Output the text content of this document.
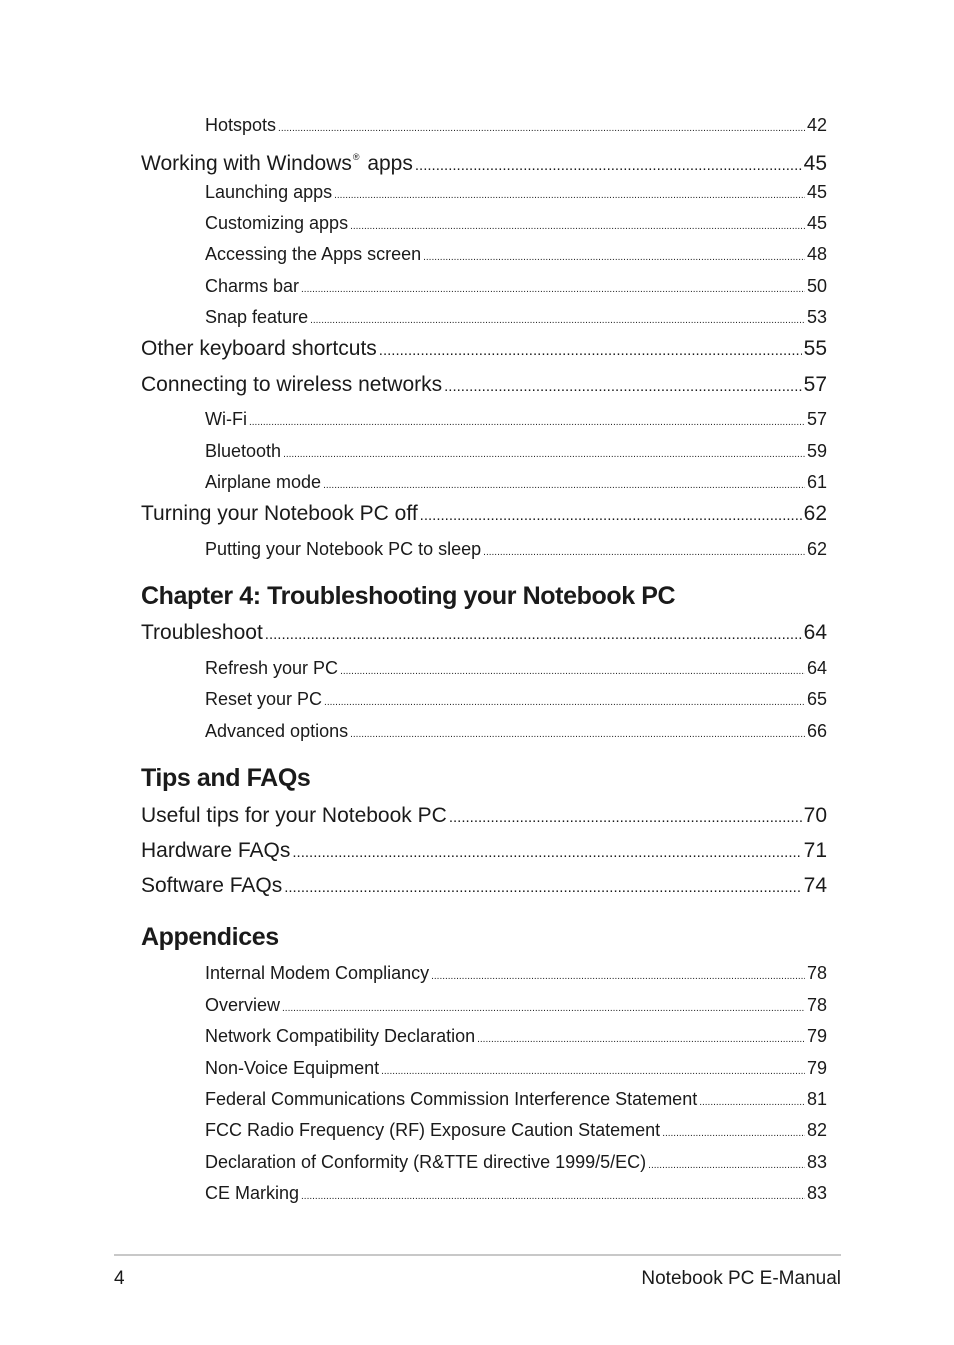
Hotspots .....	42
Working with Windows® apps .....	45
Launching apps .....	45
Customizing apps .....	45
Accessing the Apps screen .....	48
Charms bar .....	50
Snap feature .....	53
Other keyboard shortcuts .....	55
Connecting to wireless networks .....	57
Wi-Fi .....	57
Bluetooth .....	59
Airplane mode .....	61
Turning your Notebook PC off .....	62
Putting your Notebook PC to sleep .....	62
Chapter 4: Troubleshooting your Notebook PC
Troubleshoot .....	64
Refresh your PC .....	64
Reset your PC .....	65
Advanced options .....	66
Tips and FAQs
Useful tips for your Notebook PC .....	70
Hardware FAQs .....	71
Software FAQs .....	74
Appendices
Internal Modem Compliancy .....	78
Overview .....	78
Network Compatibility Declaration .....	79
Non-Voice Equipment .....	79
Federal Communications Commission Interference Statement .....	81
FCC Radio Frequency (RF) Exposure Caution Statement .....	82
Declaration of Conformity (R&TTE directive 1999/5/EC) .....	83
CE Marking .....	83
4	Notebook PC E-Manual
